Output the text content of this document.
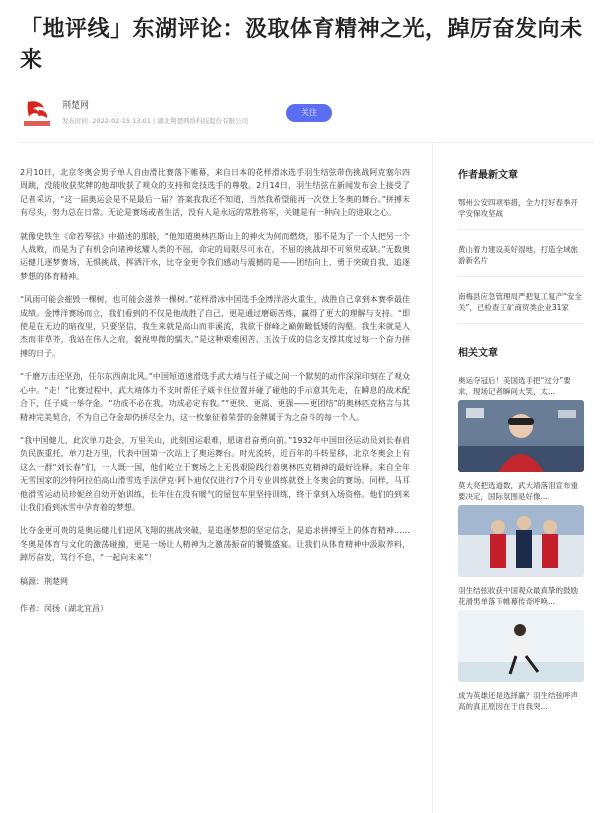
「地评线」东湖评论：汲取体育精神之光，踔厉奋发向未来
荆楚网
发布时间: 2022-02-15 13:01 | 湖北荆楚网络科技股份有限公司
关注

2月10日，北京冬奥会男子单人自由滑比赛落下帷幕，来自日本的花样滑冰选手羽生结弦带伤挑战阿克塞尔四周跳，没能收获奖牌的他却收获了观众的支持和竞技选手的尊敬。2月14日，羽生结弦在新闻发布会上接受了记者采访，“这一届奥运会是不是最后一届？答案我我还不知道，当然我希望能再一次登上冬奥的舞台。”拼搏未有尽头，努力总在日常。无论是赛场或者生活，没有人是永远的常胜将军，关键是有一种向上的进取之心。

就像史铁生《命若琴弦》中描述的那般，“他知道奥林匹斯山上的神火为何而燃烧，那不是为了一个人把另一个人战败，而是为了有机会向诸神炫耀人类的不屈，命定的局限尽可永在，不屈的挑战却不可须臾或缺。”无数奥运健儿逐梦赛场，无惧挑战，挥洒汗水，比夺金更令我们感动与震撼的是——团结向上、勇于突破自我、追逐梦想的体育精神。

“风雨可能会摧毁一棵树，也可能会滋养一棵树。”花样滑冰中国选手金博洋浴火重生，战胜自己拿到本赛季最佳成绩。金博洋赛场而立，我们看到的不仅是他战胜了自己，更是通过磨砺苦炼，赢得了更大的理解与支持。“即使是在无边的暗夜里，只要坚信，我生来就是高山而非溪流，我欲于群峰之巅俯瞰低矮的沟壑。我生来就是人杰而非草芥，我站在伟人之肩，藐视卑微的懦夫。”是这种艰难困苦、玉汝于成的信念支撑其度过每一个奋力拼搏的日子。

“千磨万击还坚劲，任尔东西南北风。”中国短道速滑选手武大靖与任子威之间一个默契的动作深深印刻在了观众心中。“走！”比赛过程中，武大靖体力不支时帮任子威卡住位置并碰了碰他的手示意其先走，在瞬息的战术配合下，任子威一举夺金。“功成不必在我，功成必定有我。”“更快、更高、更强——更团结”的奥林匹克格言与其精神完美契合，不为自己夺金却仍拼尽全力，这一枚象征着荣誉的金牌属于为之奋斗的每一个人。

“我中国健儿，此次单刀赴会，万里关山，此刻国运艰难，愿诸君奋勇向前。”1932年中国田径运动员刘长春肩负民族重托，单刀赴万里，代表中国第一次站上了奥运舞台。时光流转，近百年的斗转星移，北京冬奥会上有这么一群“刘长春”们，一人既一国，他们屹立于赛场之上无畏艰险践行着奥林匹克精神的最好诠释。来自全年无雪国家的沙特阿拉伯高山滑雪选手法伊克·阿卜迪仅仅进行7个月专业训练就登上冬奥会的赛场。同样，马耳他滑雪运动员珍妮丝自幼开始训练，长年住在没有暖气的屋包车里坚持训练，终于拿到入场资格。他们的到来让我们看到冰雪中孕育着的梦想。

比夺金更可贵的是奥运健儿们逆风飞翔的挑战突破，是追逐梦想的坚定信念，是追求拼搏至上的体育精神……冬奥是体育与文化的激荡碰撞，更是一场让人精神为之激荡振奋的饕餮盛宴。让我们从体育精神中汲取养料，踔厉奋发，笃行不怠，“一起向未来”！

稿源：荆楚网

作者：闵扬（湖北宜昌）

作者最新文章
鄂州公安四项举措，全力打好春季开学安保攻坚战
黄山着力建设美好湿地，打造全域旅游新名片
南梅县应急管理局严把复工复产“安全关”，已检查工矿商贸类企业31家
相关文章
奥运夺冠后！美国选手把“过分”要求，现场记者瞬间大笑，太...
莫大亮把选道数，武大靖落泪宣布重要决定，国际氛围是好像...
羽生结弦收获中国观众最真挚的鼓励 花滑男单落下帷幕传奇呼唤...
成为英雄还是选择赢？羽生结弦呼声高的真正原因在于自我突...
